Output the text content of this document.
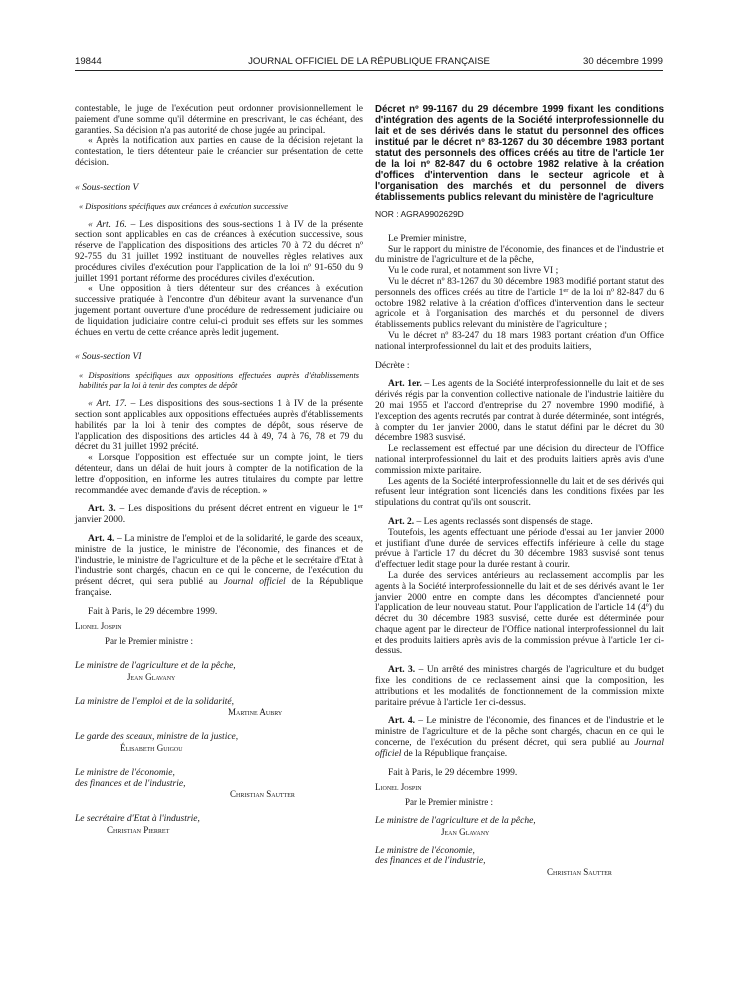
19844	JOURNAL OFFICIEL DE LA RÉPUBLIQUE FRANÇAISE	30 décembre 1999

contestable, le juge de l'exécution peut ordonner provisionnellement le paiement d'une somme qu'il détermine en prescrivant, le cas échéant, des garanties. Sa décision n'a pas autorité de chose jugée au principal.

« Après la notification aux parties en cause de la décision rejetant la contestation, le tiers détenteur paie le créancier sur présentation de cette décision.

« Sous-section V

« Dispositions spécifiques aux créances à exécution successive

« Art. 16. – Les dispositions des sous-sections 1 à IV de la présente section sont applicables en cas de créances à exécution successive, sous réserve de l'application des dispositions des articles 70 à 72 du décret nº 92-755 du 31 juillet 1992 instituant de nouvelles règles relatives aux procédures civiles d'exécution pour l'application de la loi nº 91-650 du 9 juillet 1991 portant réforme des procédures civiles d'exécution.

« Une opposition à tiers détenteur sur des créances à exécution successive pratiquée à l'encontre d'un débiteur avant la survenance d'un jugement portant ouverture d'une procédure de redressement judiciaire ou de liquidation judiciaire contre celui-ci produit ses effets sur les sommes échues en vertu de cette créance après ledit jugement.

« Sous-section VI

« Dispositions spécifiques aux oppositions effectuées auprès d'établissements habilités par la loi à tenir des comptes de dépôt

« Art. 17. – Les dispositions des sous-sections 1 à IV de la présente section sont applicables aux oppositions effectuées auprès d'établissements habilités par la loi à tenir des comptes de dépôt, sous réserve de l'application des dispositions des articles 44 à 49, 74 à 76, 78 et 79 du décret du 31 juillet 1992 précité.

« Lorsque l'opposition est effectuée sur un compte joint, le tiers détenteur, dans un délai de huit jours à compter de la notification de la lettre d'opposition, en informe les autres titulaires du compte par lettre recommandée avec demande d'avis de réception. »

Art. 3. – Les dispositions du présent décret entrent en vigueur le 1er janvier 2000.

Art. 4. – La ministre de l'emploi et de la solidarité, le garde des sceaux, ministre de la justice, le ministre de l'économie, des finances et de l'industrie, le ministre de l'agriculture et de la pêche et le secrétaire d'Etat à l'industrie sont chargés, chacun en ce qui le concerne, de l'exécution du présent décret, qui sera publié au Journal officiel de la République française.

Fait à Paris, le 29 décembre 1999.

Lionel Jospin

Par le Premier ministre :

Le ministre de l'agriculture et de la pêche,

Jean Glavany

La ministre de l'emploi et de la solidarité,

Martine Aubry

Le garde des sceaux, ministre de la justice,

Élisabeth Guigou

Le ministre de l'économie,

des finances et de l'industrie,

Christian Sautter

Le secrétaire d'Etat à l'industrie,

Christian Pierret

Décret nº 99-1167 du 29 décembre 1999 fixant les conditions d'intégration des agents de la Société interprofessionnelle du lait et de ses dérivés dans le statut du personnel des offices institué par le décret nº 83-1267 du 30 décembre 1983 portant statut des personnels des offices créés au titre de l'article 1er de la loi nº 82-847 du 6 octobre 1982 relative à la création d'offices d'intervention dans le secteur agricole et à l'organisation des marchés et du personnel de divers établissements publics relevant du ministère de l'agriculture

NOR : AGRA9902629D

Le Premier ministre,

Sur le rapport du ministre de l'économie, des finances et de l'industrie et du ministre de l'agriculture et de la pêche,

Vu le code rural, et notamment son livre VI ;

Vu le décret nº 83-1267 du 30 décembre 1983 modifié portant statut des personnels des offices créés au titre de l'article 1er de la loi nº 82-847 du 6 octobre 1982 relative à la création d'offices d'intervention dans le secteur agricole et à l'organisation des marchés et du personnel de divers établissements publics relevant du ministère de l'agriculture ;

Vu le décret nº 83-247 du 18 mars 1983 portant création d'un Office national interprofessionnel du lait et des produits laitiers,

Décrète :

Art. 1er. – Les agents de la Société interprofessionnelle du lait et de ses dérivés régis par la convention collective nationale de l'industrie laitière du 20 mai 1955 et l'accord d'entreprise du 27 novembre 1990 modifié, à l'exception des agents recrutés par contrat à durée déterminée, sont intégrés, à compter du 1er janvier 2000, dans le statut défini par le décret du 30 décembre 1983 susvisé.

Le reclassement est effectué par une décision du directeur de l'Office national interprofessionnel du lait et des produits laitiers après avis d'une commission mixte paritaire.

Les agents de la Société interprofessionnelle du lait et de ses dérivés qui refusent leur intégration sont licenciés dans les conditions fixées par les stipulations du contrat qu'ils ont souscrit.

Art. 2. – Les agents reclassés sont dispensés de stage.

Toutefois, les agents effectuant une période d'essai au 1er janvier 2000 et justifiant d'une durée de services effectifs inférieure à celle du stage prévue à l'article 17 du décret du 30 décembre 1983 susvisé sont tenus d'effectuer ledit stage pour la durée restant à courir.

La durée des services antérieurs au reclassement accomplis par les agents à la Société interprofessionnelle du lait et de ses dérivés avant le 1er janvier 2000 entre en compte dans les décomptes d'ancienneté pour l'application de leur nouveau statut. Pour l'application de l'article 14 (4º) du décret du 30 décembre 1983 susvisé, cette durée est déterminée pour chaque agent par le directeur de l'Office national interprofessionnel du lait et des produits laitiers après avis de la commission prévue à l'article 1er ci-dessus.

Art. 3. – Un arrêté des ministres chargés de l'agriculture et du budget fixe les conditions de ce reclassement ainsi que la composition, les attributions et les modalités de fonctionnement de la commission mixte paritaire prévue à l'article 1er ci-dessus.

Art. 4. – Le ministre de l'économie, des finances et de l'industrie et le ministre de l'agriculture et de la pêche sont chargés, chacun en ce qui le concerne, de l'exécution du présent décret, qui sera publié au Journal officiel de la République française.

Fait à Paris, le 29 décembre 1999.

Lionel Jospin

Par le Premier ministre :

Le ministre de l'agriculture et de la pêche,

Jean Glavany

Le ministre de l'économie,

des finances et de l'industrie,

Christian Sautter
